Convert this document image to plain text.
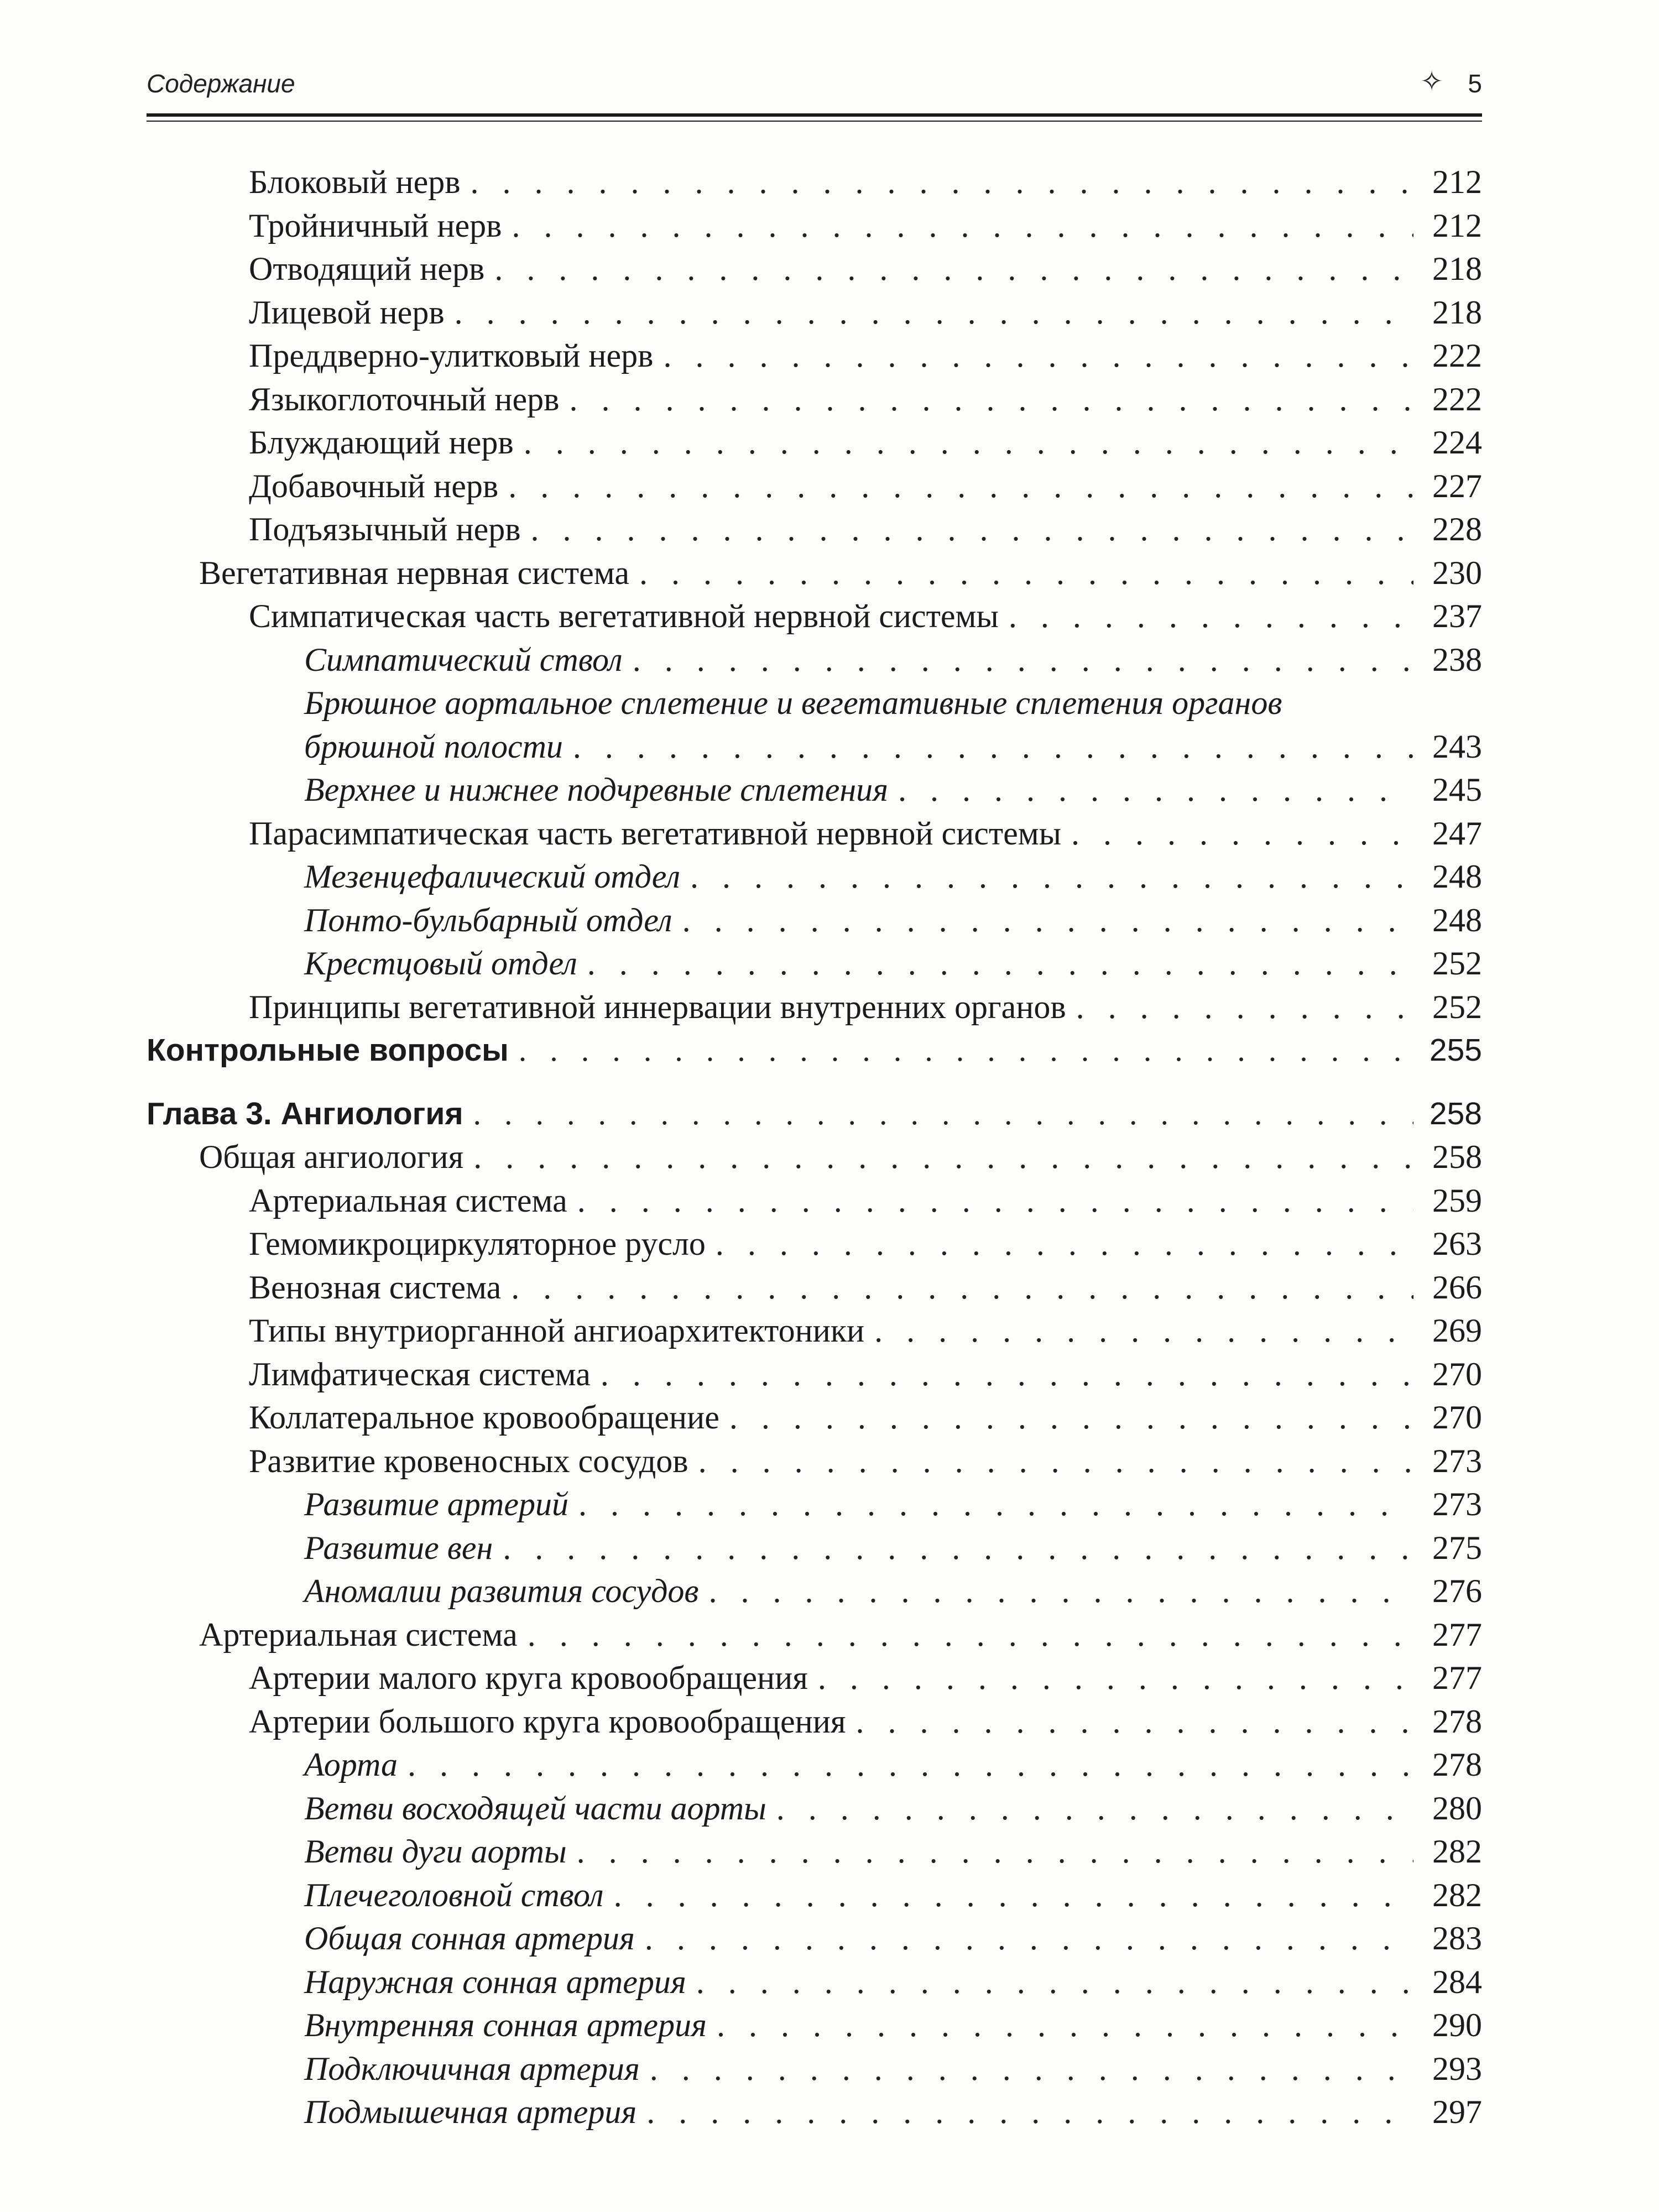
Содержание	✧ 5
Блоковый нерв . . .	212
Тройничный нерв . . .	212
Отводящий нерв . . .	218
Лицевой нерв . . .	218
Преддверно-улитковый нерв . . .	222
Языкоглоточный нерв . . .	222
Блуждающий нерв . . .	224
Добавочный нерв . . .	227
Подъязычный нерв . . .	228
Вегетативная нервная система . . .	230
Симпатическая часть вегетативной нервной системы . . .	237
Симпатический ствол . . .	238
Брюшное аортальное сплетение и вегетативные сплетения органов
брюшной полости . . .	243
Верхнее и нижнее подчревные сплетения . . .	245
Парасимпатическая часть вегетативной нервной системы . . .	247
Мезенцефалический отдел . . .	248
Понто-бульбарный отдел . . .	248
Крестцовый отдел . . .	252
Принципы вегетативной иннервации внутренних органов . . .	252
Контрольные вопросы . . .	255
Глава 3. Ангиология . . .	258
Общая ангиология . . .	258
Артериальная система . . .	259
Гемомикроциркуляторное русло . . .	263
Венозная система . . .	266
Типы внутриорганной ангиоархитектоники . . .	269
Лимфатическая система . . .	270
Коллатеральное кровообращение . . .	270
Развитие кровеносных сосудов . . .	273
Развитие артерий . . .	273
Развитие вен . . .	275
Аномалии развития сосудов . . .	276
Артериальная система . . .	277
Артерии малого круга кровообращения . . .	277
Артерии большого круга кровообращения . . .	278
Аорта . . .	278
Ветви восходящей части аорты . . .	280
Ветви дуги аорты . . .	282
Плечеголовной ствол . . .	282
Общая сонная артерия . . .	283
Наружная сонная артерия . . .	284
Внутренняя сонная артерия . . .	290
Подключичная артерия . . .	293
Подмышечная артерия . . .	297
